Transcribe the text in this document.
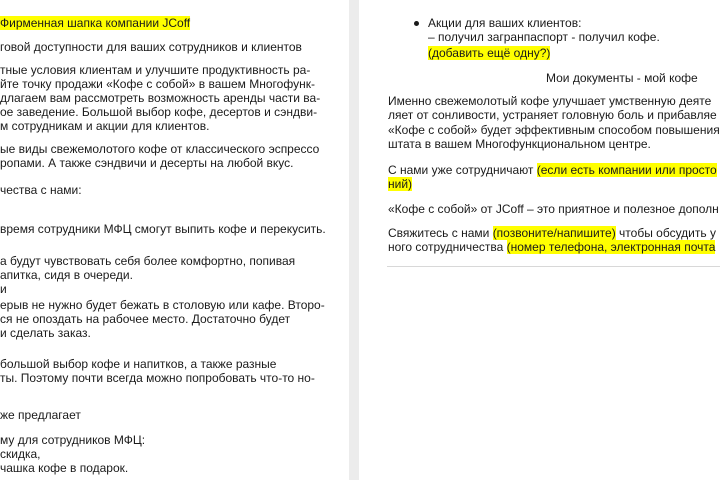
Фирменная шапка компании JCoff
говой доступности для ваших сотрудников и клиентов
тные условия клиентам и улучшите продуктивность ра-
йте точку продажи «Кофе с собой» в вашем Многофунк-
длагаем вам рассмотреть возможность аренды части ва-
ое заведение. Большой выбор кофе, десертов и сэндви-
м сотрудникам и акции для клиентов.
ые виды свежемолотого кофе от классического эспрессо
ропами. А также сэндвичи и десерты на любой вкус.
чества с нами:
время сотрудники МФЦ смогут выпить кофе и перекусить.
а будут чувствовать себя более комфортно, попивая
апитка, сидя в очереди.
и
ерыв не нужно будет бежать в столовую или кафе. Второ-
ся не опоздать на рабочее место. Достаточно будет
и сделать заказ.
большой выбор кофе и напитков, а также разные
ты. Поэтому почти всегда можно попробовать что-то но-
же предлагает
му для сотрудников МФЦ:
скидка,
чашка кофе в подарок.
Акции для ваших клиентов:
– получил загранпаспорт - получил кофе.
(добавить ещё одну?)
Мои документы - мой кофе
Именно свежемолотый кофе улучшает умственную деяте
ляет от сонливости, устраняет головную боль и прибавляе
«Кофе с собой» будет эффективным способом повышения
штата в вашем Многофункциональном центре.
С нами уже сотрудничают (если есть компании или просто
ний)
«Кофе с собой» от JCoff – это приятное и полезное дополн
Свяжитесь с нами (позвоните/напишите) чтобы обсудить у
ного сотрудничества (номер телефона, электронная почта
